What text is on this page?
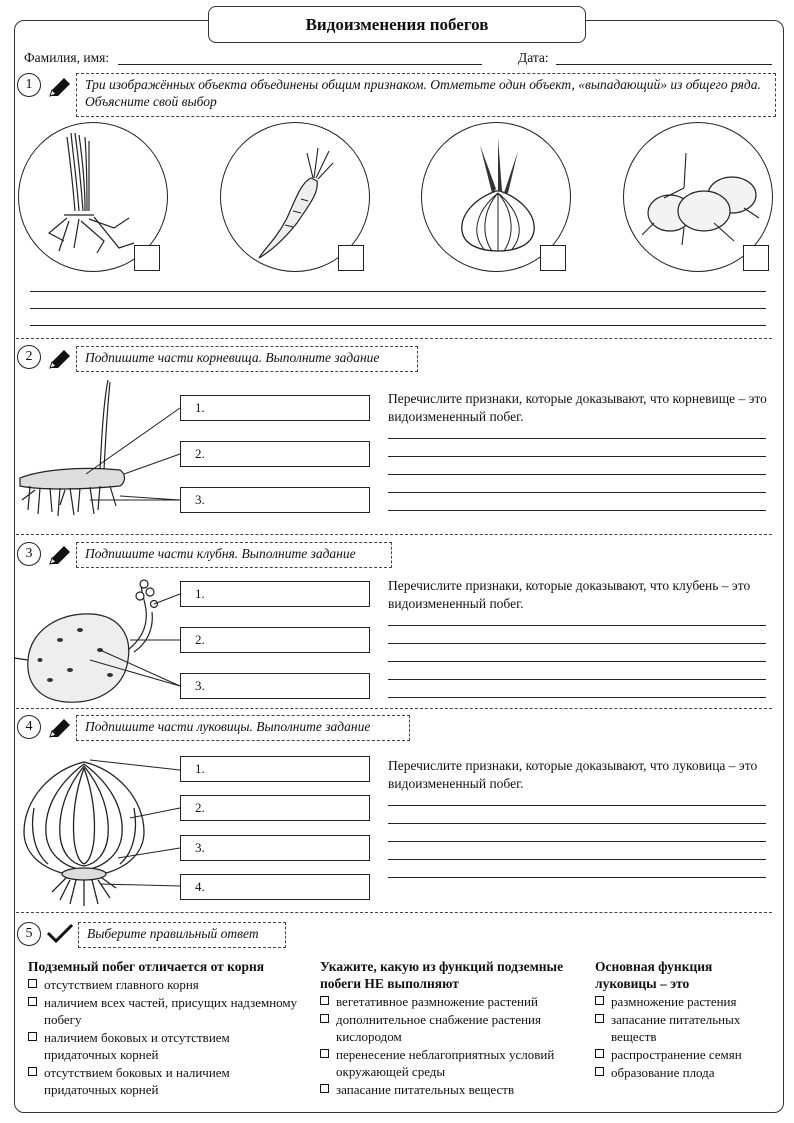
Видоизменения побегов
Фамилия, имя:	Дата:
1	Три изображённых объекта объединены общим признаком. Отметьте один объект, «выпадающий» из общего ряда. Объясните свой выбор
2	Подпишите части корневища. Выполните задание
1.
2.
3.
Перечислите признаки, которые доказывают, что корневище – это видоизмененный побег.
3	Подпишите части клубня. Выполните задание
1.
2.
3.
Перечислите признаки, которые доказывают, что клубень – это видоизмененный побег.
4	Подпишите части луковицы. Выполните задание
1.
2.
3.
4.
Перечислите признаки, которые доказывают, что луковица – это видоизмененный побег.
5	Выберите правильный ответ
Подземный побег отличается от корня
отсутствием главного корня
наличием всех частей, присущих надземному побегу
наличием боковых и отсутствием придаточных корней
отсутствием боковых и наличием придаточных корней
Укажите, какую из функций подземные побеги НЕ выполняют
вегетативное размножение растений
дополнительное снабжение растения кислородом
перенесение неблагоприятных условий окружающей среды
запасание питательных веществ
Основная функция луковицы – это
размножение растения
запасание питательных веществ
распространение семян
образование плода
